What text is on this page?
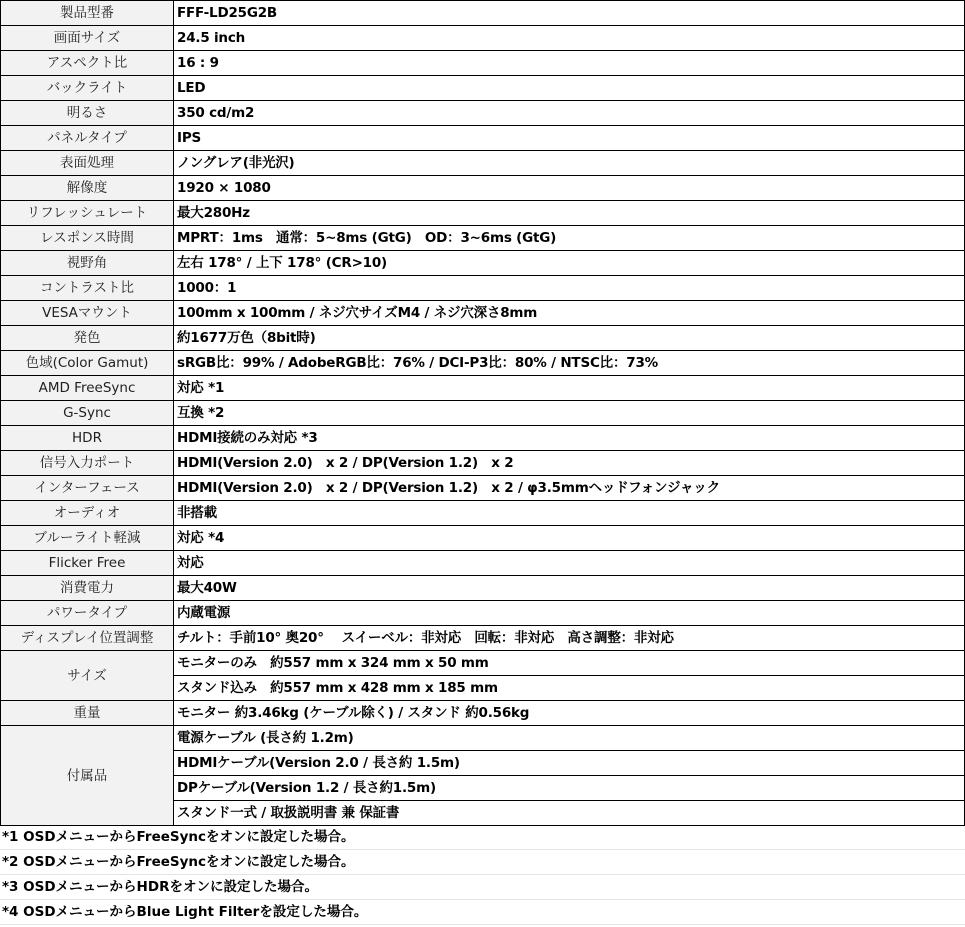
製品型番	FFF-LD25G2B
画面サイズ	24.5 inch
アスペクト比	16 : 9
バックライト	LED
明るさ	350 cd/m2
パネルタイプ	IPS
表面処理	ノングレア(非光沢)
解像度	1920 × 1080
リフレッシュレート	最大280Hz
レスポンス時間	MPRT：1ms　通常：5~8ms (GtG)　OD：3~6ms (GtG)
視野角	左右 178° / 上下 178° (CR>10)
コントラスト比	1000：1
VESAマウント	100mm x 100mm / ネジ穴サイズM4 / ネジ穴深さ8mm
発色	約1677万色（8bit時)
色域(Color Gamut)	sRGB比：99% / AdobeRGB比：76% / DCI-P3比：80% / NTSC比：73%
AMD FreeSync	対応 *1
G-Sync	互換 *2
HDR	HDMI接続のみ対応 *3
信号入力ポート	HDMI(Version 2.0)　x 2 / DP(Version 1.2)　x 2
インターフェース	HDMI(Version 2.0)　x 2 / DP(Version 1.2)　x 2 / φ3.5mmヘッドフォンジャック
オーディオ	非搭載
ブルーライト軽減	対応 *4
Flicker Free	対応
消費電力	最大40W
パワータイプ	内蔵電源
ディスプレイ位置調整	チルト：手前10° 奥20°　 スイーベル：非対応　回転：非対応　高さ調整：非対応
サイズ	モニターのみ　約557 mm x 324 mm x 50 mm
	スタンド込み　約557 mm x 428 mm x 185 mm
重量	モニター 約3.46kg (ケーブル除く) / スタンド 約0.56kg
付属品	電源ケーブル (長さ約 1.2m)
	HDMIケーブル(Version 2.0 / 長さ約 1.5m)
	DPケーブル(Version 1.2 / 長さ約1.5m)
	スタンド一式 / 取扱説明書 兼 保証書
*1 OSDメニューからFreeSyncをオンに設定した場合。
*2 OSDメニューからFreeSyncをオンに設定した場合。
*3 OSDメニューからHDRをオンに設定した場合。
*4 OSDメニューからBlue Light Filterを設定した場合。
